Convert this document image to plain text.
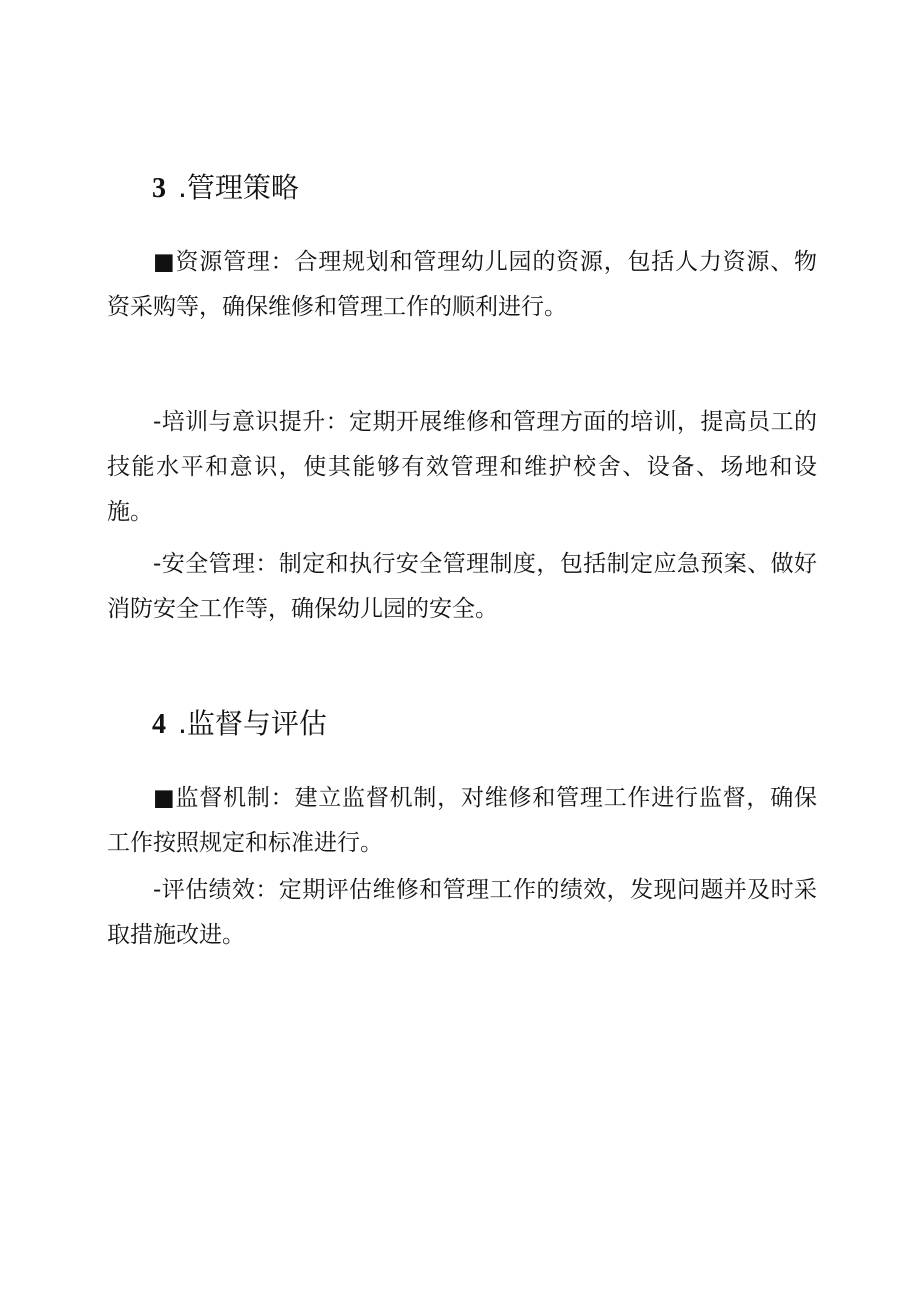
3 .管理策略

■资源管理：合理规划和管理幼儿园的资源，包括人力资源、物资采购等，确保维修和管理工作的顺利进行。

-培训与意识提升：定期开展维修和管理方面的培训，提高员工的技能水平和意识，使其能够有效管理和维护校舍、设备、场地和设施。

-安全管理：制定和执行安全管理制度，包括制定应急预案、做好消防安全工作等，确保幼儿园的安全。

4 .监督与评估

■监督机制：建立监督机制，对维修和管理工作进行监督，确保工作按照规定和标准进行。

-评估绩效：定期评估维修和管理工作的绩效，发现问题并及时采取措施改进。
